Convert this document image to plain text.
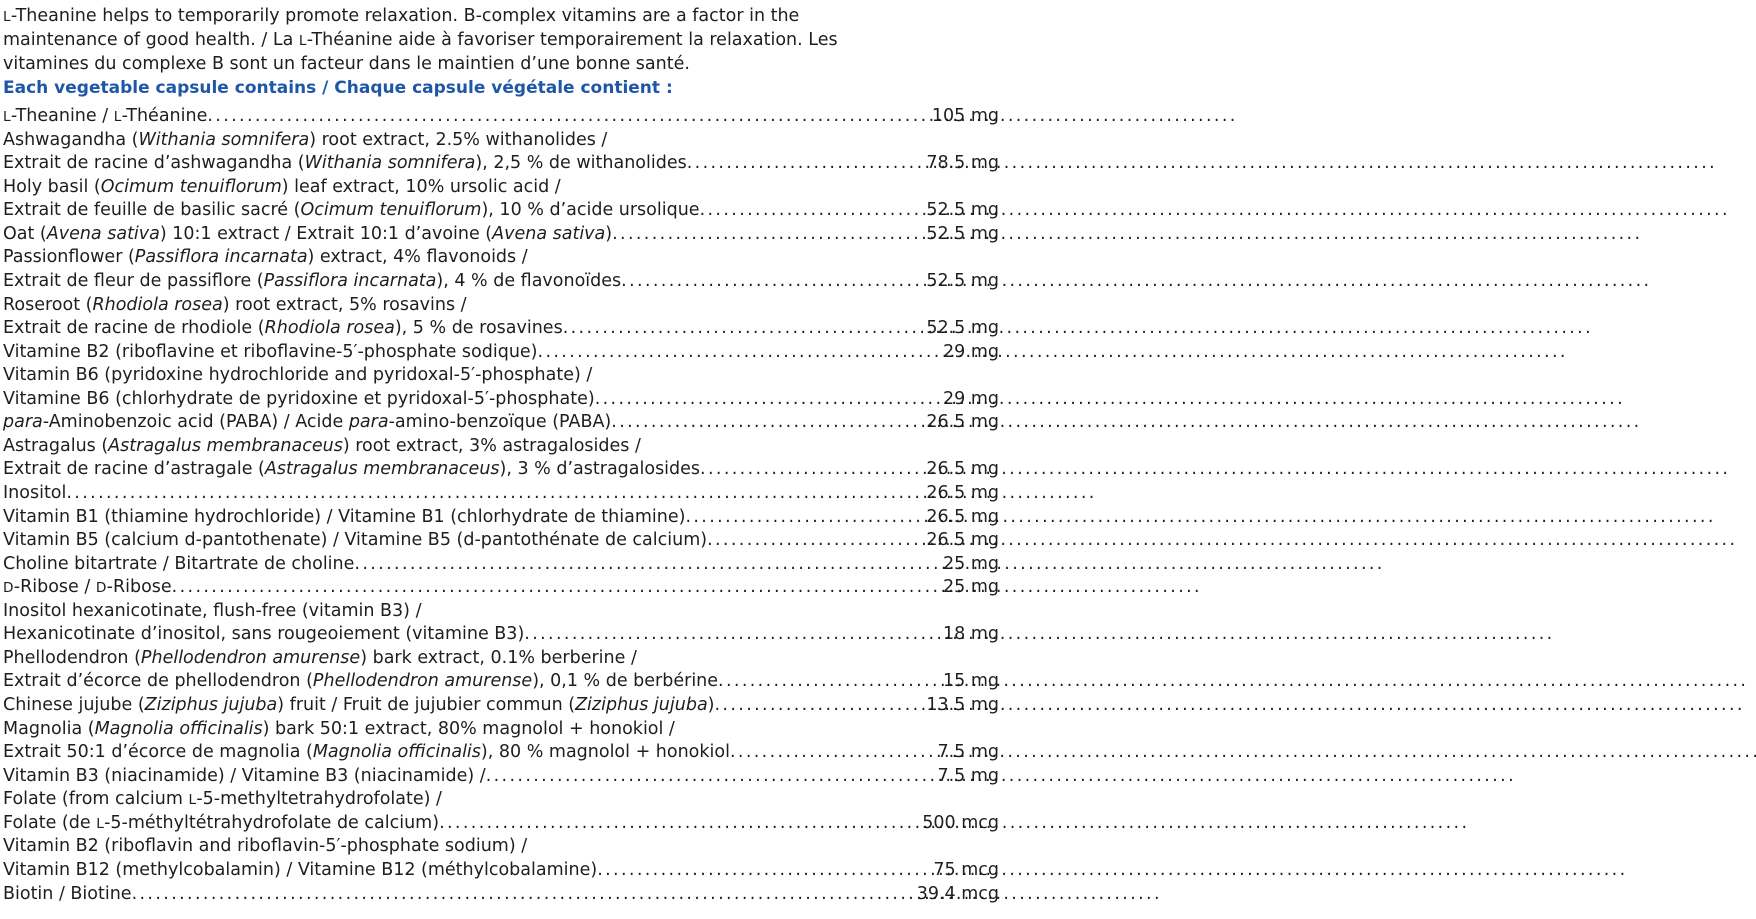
L-Theanine helps to temporarily promote relaxation. B-complex vitamins are a factor in the
maintenance of good health. / La L-Théanine aide à favoriser temporairement la relaxation. Les
vitamines du complexe B sont un facteur dans le maintien d’une bonne santé.
Each vegetable capsule contains / Chaque capsule végétale contient :
L-Theanine / L-Théanine . . .	105 mg
Ashwagandha (Withania somnifera) root extract, 2.5% withanolides /
Extrait de racine d’ashwagandha (Withania somnifera), 2,5 % de withanolides . . .	78.5 mg
Holy basil (Ocimum tenuiflorum) leaf extract, 10% ursolic acid /
Extrait de feuille de basilic sacré (Ocimum tenuiflorum), 10 % d’acide ursolique . . .	52.5 mg
Oat (Avena sativa) 10:1 extract / Extrait 10:1 d’avoine (Avena sativa) . . .	52.5 mg
Passionflower (Passiflora incarnata) extract, 4% flavonoids /
Extrait de fleur de passiflore (Passiflora incarnata), 4 % de flavonoïdes . . .	52.5 mg
Roseroot (Rhodiola rosea) root extract, 5% rosavins /
Extrait de racine de rhodiole (Rhodiola rosea), 5 % de rosavines . . .	52.5 mg
Vitamine B2 (riboflavine et riboflavine-5′-phosphate sodique) . . .	29 mg
Vitamin B6 (pyridoxine hydrochloride and pyridoxal-5′-phosphate) /
Vitamine B6 (chlorhydrate de pyridoxine et pyridoxal-5′-phosphate) . . .	29 mg
para-Aminobenzoic acid (PABA) / Acide para-amino-benzoïque (PABA) . . .	26.5 mg
Astragalus (Astragalus membranaceus) root extract, 3% astragalosides /
Extrait de racine d’astragale (Astragalus membranaceus), 3 % d’astragalosides . . .	26.5 mg
Inositol . . .	26.5 mg
Vitamin B1 (thiamine hydrochloride) / Vitamine B1 (chlorhydrate de thiamine) . . .	26.5 mg
Vitamin B5 (calcium d-pantothenate) / Vitamine B5 (d-pantothénate de calcium) . . .	26.5 mg
Choline bitartrate / Bitartrate de choline . . .	25 mg
D-Ribose / D-Ribose . . .	25 mg
Inositol hexanicotinate, flush-free (vitamin B3) /
Hexanicotinate d’inositol, sans rougeoiement (vitamine B3) . . .	18 mg
Phellodendron (Phellodendron amurense) bark extract, 0.1% berberine /
Extrait d’écorce de phellodendron (Phellodendron amurense), 0,1 % de berbérine . . .	15 mg
Chinese jujube (Ziziphus jujuba) fruit / Fruit de jujubier commun (Ziziphus jujuba) . . .	13.5 mg
Magnolia (Magnolia officinalis) bark 50:1 extract, 80% magnolol + honokiol /
Extrait 50:1 d’écorce de magnolia (Magnolia officinalis), 80 % magnolol + honokiol . . .	7.5 mg
Vitamin B3 (niacinamide) / Vitamine B3 (niacinamide) / . . .	7.5 mg
Folate (from calcium L-5-methyltetrahydrofolate) /
Folate (de L-5-méthyltétrahydrofolate de calcium) . . .	500 mcg
Vitamin B2 (riboflavin and riboflavin-5′-phosphate sodium) /
Vitamin B12 (methylcobalamin) / Vitamine B12 (méthylcobalamine) . . .	75 mcg
Biotin / Biotine . . .	39.4 mcg
